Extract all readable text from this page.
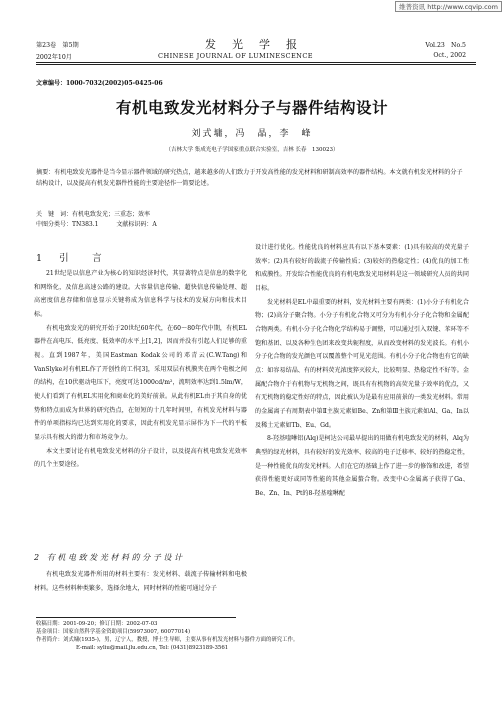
维普资讯 http://www.cqvip.com
第23卷　第5期	发光学报	Vol.23　No.5
2002年10月	CHINESE JOURNAL OF LUMINESCENCE	Oct., 2002
文章编号：1000-7032(2002)05-0425-06
有机电致发光材料分子与器件结构设计
刘式墉，冯　晶，李　峰
（吉林大学 集成光电子学国家重点联合实验室，吉林 长春　130023）
摘要：有机电致发光器件是当今显示器件领域的研究热点，越来越多的人们致力于开发高性能的发光材料和研制高效率的器件结构。本文就有机发光材料的分子结构设计，以及提高有机发光器件性能的主要途径作一简要论述。
关　键　词：有机电致发光；三重态；效率
中图分类号：TN383.1　　　文献标识码：A
1 引　言

21世纪是以信息产业为核心的知识经济时代，其显著特点是信息的数字化和网络化，及信息高速公路的建设。大容量信息传输、超快信息传输处理、超高密度信息存储和信息显示关键将成为信息科学与技术的发展方向和技术目标。

有机电致发光的研究开始于20世纪60年代，在60～80年代中期，有机EL器件在高电压、低亮度、低效率的水平上[1,2]，因而并没有引起人们足够的重视。直到1987年，美国Eastman Kodak公司的邓青云(C.W.Tang)和VanSlyke对有机EL作了开创性的工作[3]，采用双层有机膜夹在两个电极之间的结构，在10伏驱动电压下，亮度可达1000cd/m²，流明效率达到1.5lm/W，使人们看到了有机EL实用化和商业化的美好前景。从此有机EL由于其自身的优势和特点而成为世界的研究热点，在短短的十几年时间里，有机发光材料与器件的单项指标均已达到实用化的要求，因此有机发光显示屏作为下一代的平板显示具有极大的潜力和市场竞争力。

本文主要讨论有机电致发光材料的分子设计，以及提高有机电致发光效率的几个主要途径。

2 有机电致发光材料的分子设计

有机电致发光器件所用的材料主要有：发光材料、载流子传输材料和电极材料。这些材料种类繁多，选择余地大，同时材料的性能可通过分子

设计进行优化。性能优良的材料应具有以下基本要素：(1)具有较高的荧光量子效率；(2)具有较好的载流子传输性质；(3)较好的热稳定性；(4)优良的加工性和成膜性。开发综合性能优良的有机电致发光用材料是这一领域研究人员的共同目标。

发光材料是EL中最重要的材料，发光材料主要有两类：(1)小分子有机化合物；(2)高分子聚合物。小分子有机化合物又可分为有机小分子化合物和金属配合物两类。有机小分子化合物化学结构易于调整，可以通过引入双键、苯环等不饱和基团、以及各种生色团来改变共轭程度，从而改变材料的发光波长。有机小分子化合物的发光颜色可以覆盖整个可见光范围。有机小分子化合物也有它的缺点：如容易结晶、有的材料荧光浓度猝灭较大，比较明显、热稳定性不好等。金属配合物介于有机物与无机物之间，既具有有机物的高荧光量子效率的优点，又有无机物的稳定性好的特点，因此被认为是最有应用前景的一类发光材料。常用的金属离子有周期表中第Ⅱ主族元素如Be、Zn和第Ⅲ主族元素如Al、Ga、In以及稀土元素如Tb、Eu、Gd。

8-羟基喹啉铝(Alq)是柯达公司最早提出的用做有机电致发光的材料，Alq为典型的绿光材料，具有较好的发光效率、较高的电子迁移率、较好的热稳定性，是一种性能优良的发光材料。人们在它的基础上作了进一步的修饰和改进，希望获得性能更好或同等性能的其他金属螯合物。改变中心金属离子获得了Ga、Be、Zn、In、Pt的8-羟基喹啉配

收稿日期：2001-09-20；修订日期：2002-07-03
基金项目：国家自然科学基金资助项目(59973007, 60077014)
作者简介：刘式墉(1935-)，男，辽宁人，教授，博士生导师，主要从事有机发光材料与器件方面的研究工作。
E-mail: syliu@mail.jlu.edu.cn, Tel: (0431)8923189-3561
